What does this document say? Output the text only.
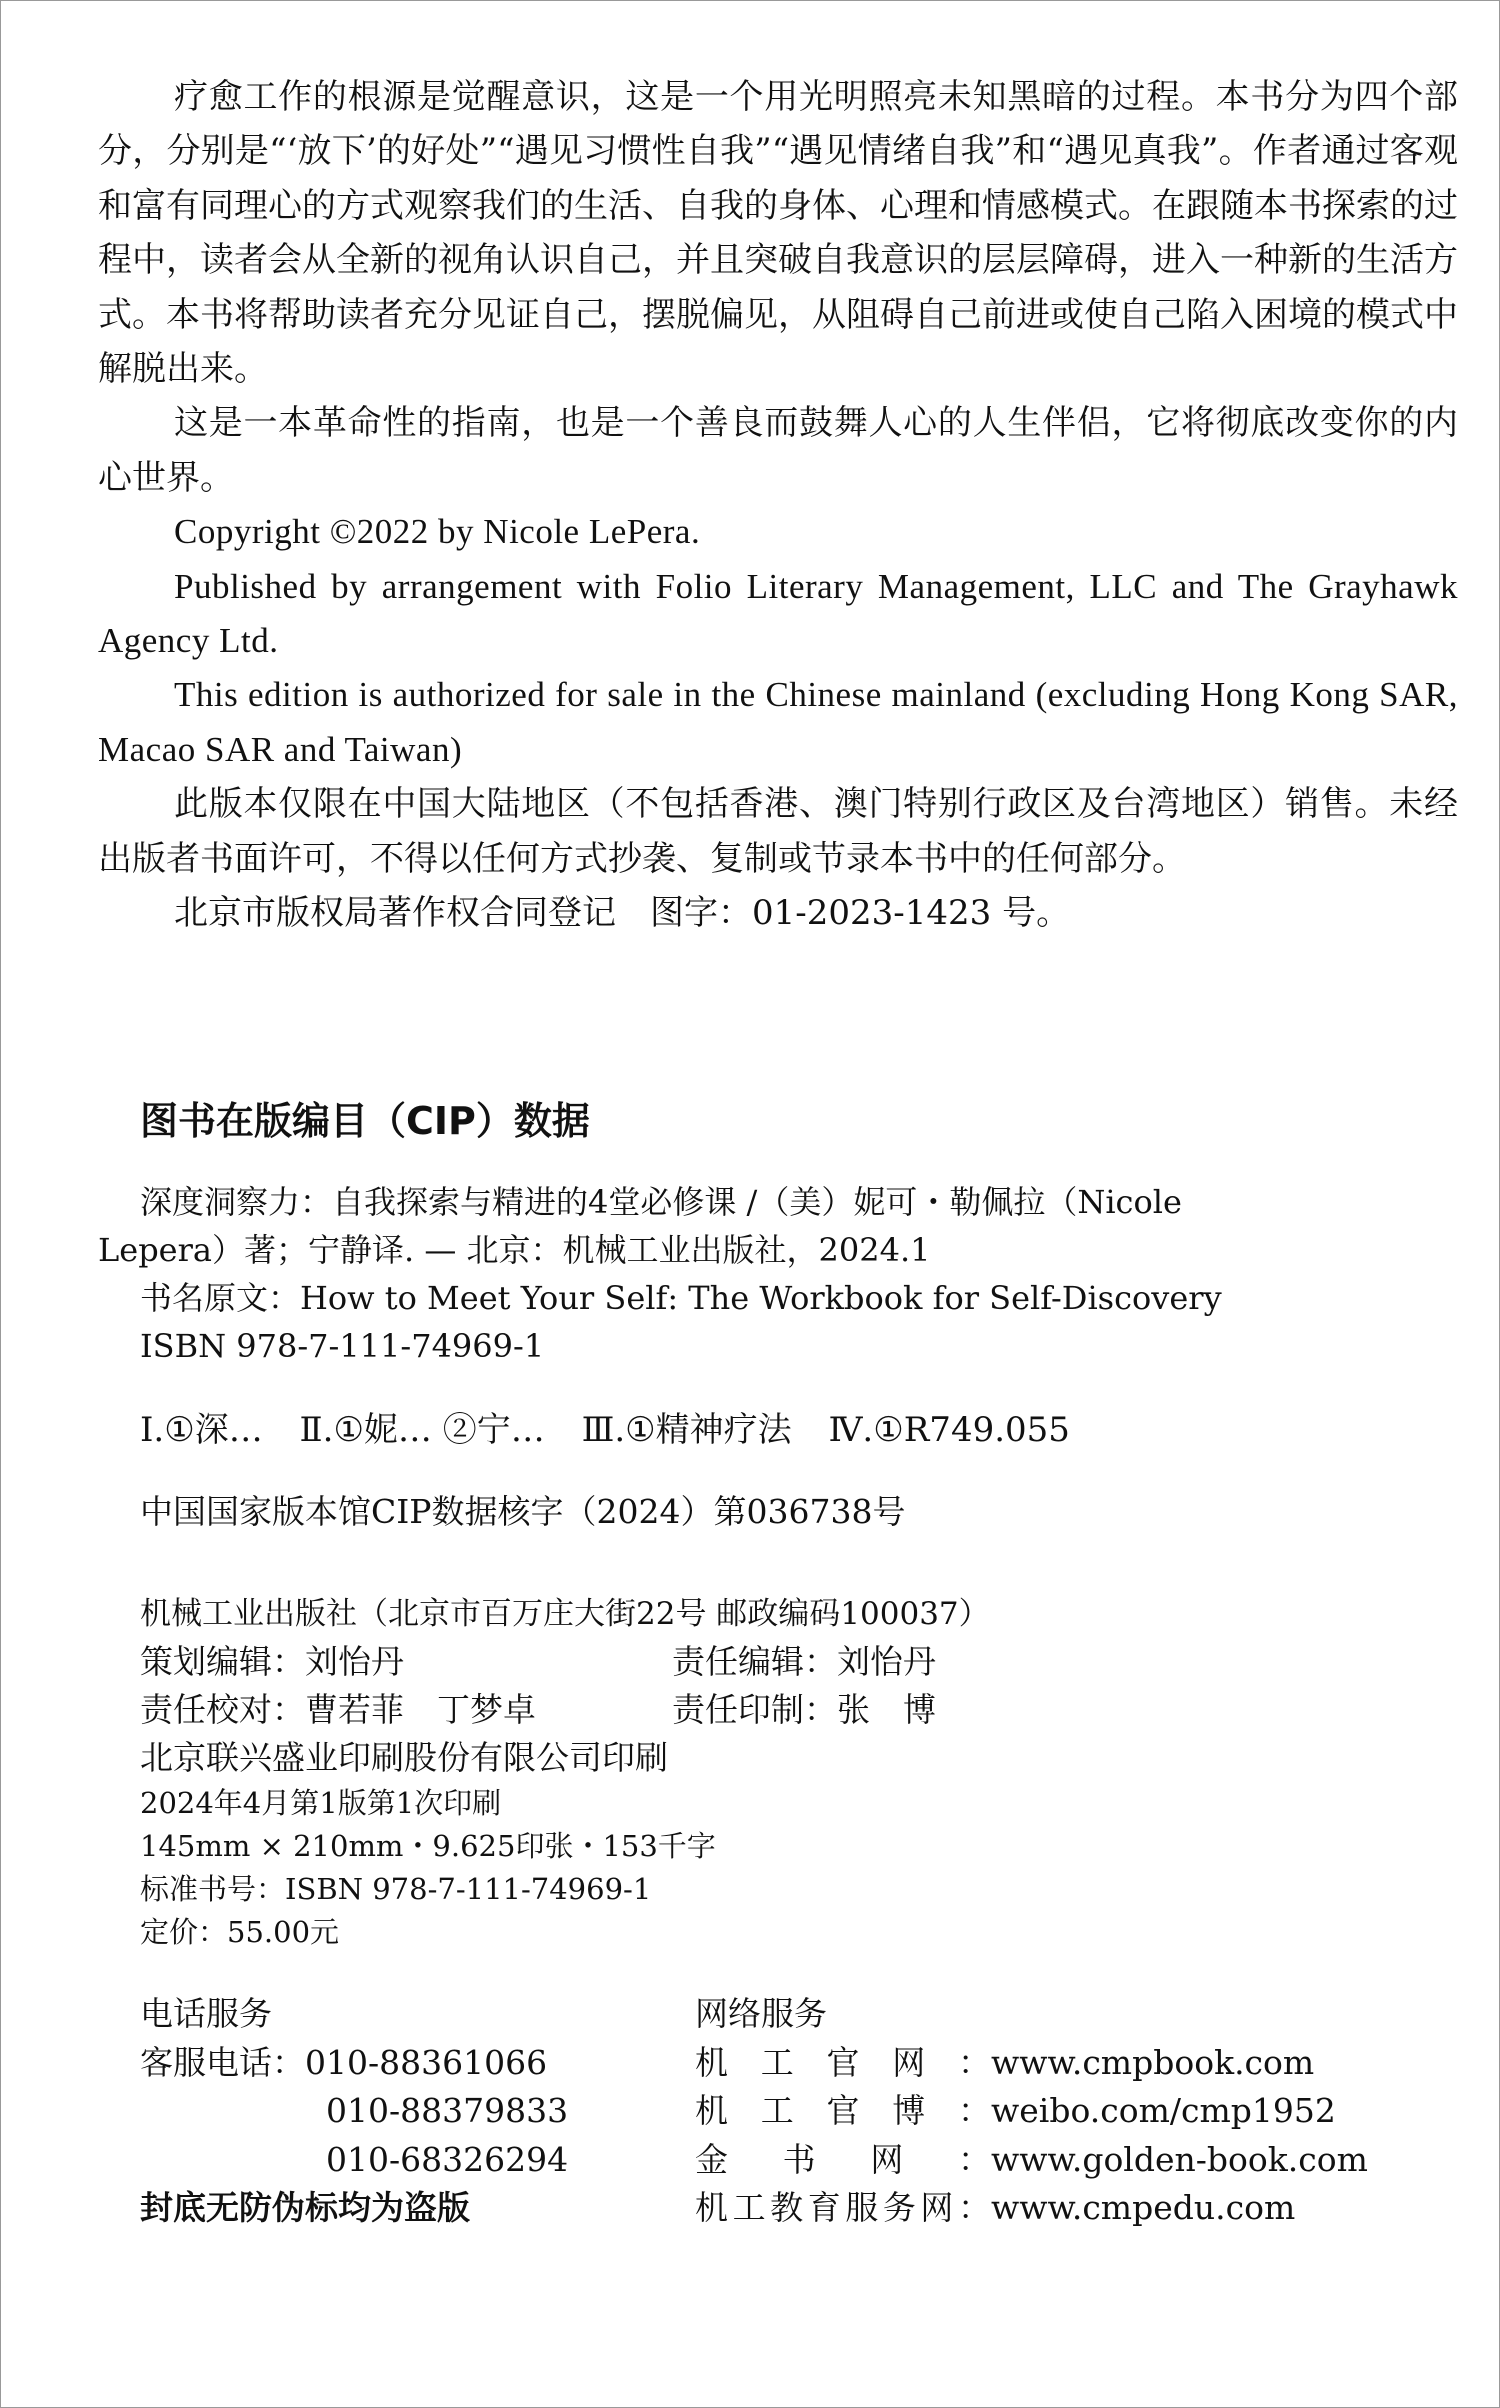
疗愈工作的根源是觉醒意识，这是一个用光明照亮未知黑暗的过程。本书分为四个部分，分别是“‘放下’的好处”“遇见习惯性自我”“遇见情绪自我”和“遇见真我”。作者通过客观和富有同理心的方式观察我们的生活、自我的身体、心理和情感模式。在跟随本书探索的过程中，读者会从全新的视角认识自己，并且突破自我意识的层层障碍，进入一种新的生活方式。本书将帮助读者充分见证自己，摆脱偏见，从阻碍自己前进或使自己陷入困境的模式中解脱出来。

这是一本革命性的指南，也是一个善良而鼓舞人心的人生伴侣，它将彻底改变你的内心世界。

Copyright ©2022 by Nicole LePera.

Published by arrangement with Folio Literary Management, LLC and The Grayhawk Agency Ltd.

This edition is authorized for sale in the Chinese mainland (excluding Hong Kong SAR, Macao SAR and Taiwan)

此版本仅限在中国大陆地区（不包括香港、澳门特别行政区及台湾地区）销售。未经出版者书面许可，不得以任何方式抄袭、复制或节录本书中的任何部分。

北京市版权局著作权合同登记　图字：01-2023-1423 号。

图书在版编目（CIP）数据

深度洞察力：自我探索与精进的4堂必修课 /（美）妮可・勒佩拉（Nicole

Lepera）著；宁静译. — 北京：机械工业出版社，2024.1

书名原文：How to Meet Your Self: The Workbook for Self-Discovery

ISBN 978-7-111-74969-1

Ⅰ.①深… Ⅱ.①妮… ②宁… Ⅲ.①精神疗法 Ⅳ.①R749.055

中国国家版本馆CIP数据核字（2024）第036738号

机械工业出版社（北京市百万庄大街22号 邮政编码100037）

策划编辑：刘怡丹	责任编辑：刘怡丹

责任校对：曹若菲　丁梦卓	责任印制：张　博

北京联兴盛业印刷股份有限公司印刷

2024年4月第1版第1次印刷

145mm × 210mm・9.625印张・153千字

标准书号：ISBN 978-7-111-74969-1

定价：55.00元

电话服务

客服电话：010-88361066

010-88379833

010-68326294

封底无防伪标均为盗版

网络服务

机工官网：www.cmpbook.com

机工官博：weibo.com/cmp1952

金书网：www.golden-book.com

机工教育服务网：www.cmpedu.com
